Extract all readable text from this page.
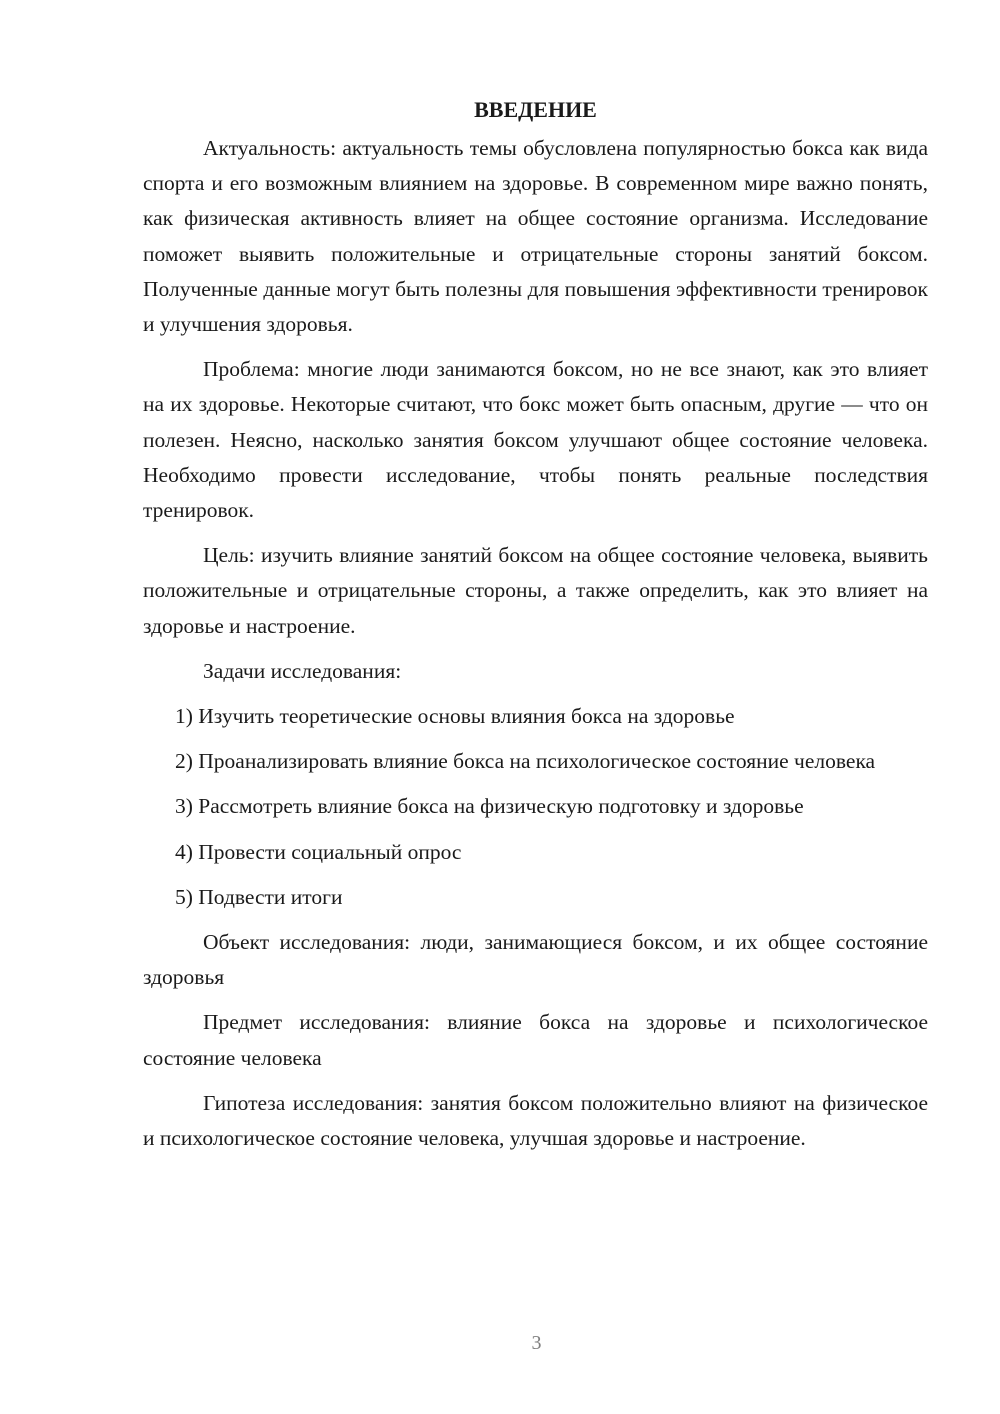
ВВЕДЕНИЕ

Актуальность: актуальность темы обусловлена популярностью бокса как вида спорта и его возможным влиянием на здоровье. В современном мире важно понять, как физическая активность влияет на общее состояние организма. Исследование поможет выявить положительные и отрицательные стороны занятий боксом. Полученные данные могут быть полезны для повышения эффективности тренировок и улучшения здоровья.

Проблема: многие люди занимаются боксом, но не все знают, как это влияет на их здоровье. Некоторые считают, что бокс может быть опасным, другие — что он полезен. Неясно, насколько занятия боксом улучшают общее состояние человека. Необходимо провести исследование, чтобы понять реальные последствия тренировок.

Цель: изучить влияние занятий боксом на общее состояние человека, выявить положительные и отрицательные стороны, а также определить, как это влияет на здоровье и настроение.

Задачи исследования:

1) Изучить теоретические основы влияния бокса на здоровье
2) Проанализировать влияние бокса на психологическое состояние человека
3) Рассмотреть влияние бокса на физическую подготовку и здоровье
4) Провести социальный опрос
5) Подвести итоги

Объект исследования: люди, занимающиеся боксом, и их общее состояние здоровья

Предмет исследования: влияние бокса на здоровье и психологическое состояние человека

Гипотеза исследования: занятия боксом положительно влияют на физическое и психологическое состояние человека, улучшая здоровье и настроение.

3
